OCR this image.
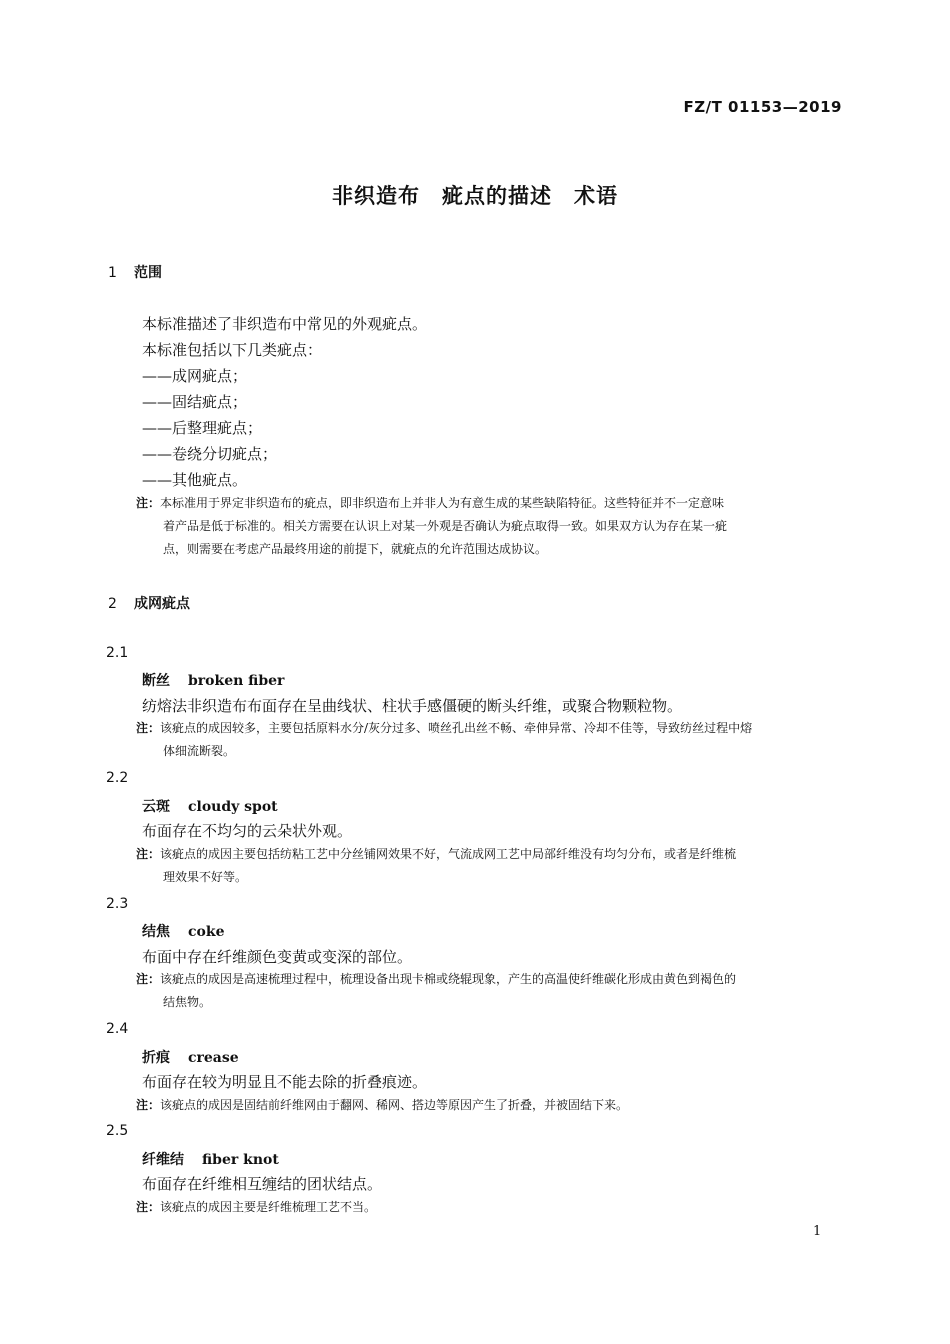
FZ/T 01153—2019
非织造布　疵点的描述　术语
1 范围
本标准描述了非织造布中常见的外观疵点。
本标准包括以下几类疵点：
——成网疵点；
——固结疵点；
——后整理疵点；
——卷绕分切疵点；
——其他疵点。
注：本标准用于界定非织造布的疵点，即非织造布上并非人为有意生成的某些缺陷特征。这些特征并不一定意味
着产品是低于标准的。相关方需要在认识上对某一外观是否确认为疵点取得一致。如果双方认为存在某一疵
点，则需要在考虑产品最终用途的前提下，就疵点的允许范围达成协议。
2 成网疵点
2.1
断丝 broken fiber
纺熔法非织造布布面存在呈曲线状、柱状手感僵硬的断头纤维，或聚合物颗粒物。
注：该疵点的成因较多，主要包括原料水分/灰分过多、喷丝孔出丝不畅、牵伸异常、冷却不佳等，导致纺丝过程中熔
体细流断裂。
2.2
云斑 cloudy spot
布面存在不均匀的云朵状外观。
注：该疵点的成因主要包括纺粘工艺中分丝铺网效果不好，气流成网工艺中局部纤维没有均匀分布，或者是纤维梳
理效果不好等。
2.3
结焦 coke
布面中存在纤维颜色变黄或变深的部位。
注：该疵点的成因是高速梳理过程中，梳理设备出现卡棉或绕辊现象，产生的高温使纤维碳化形成由黄色到褐色的
结焦物。
2.4
折痕 crease
布面存在较为明显且不能去除的折叠痕迹。
注：该疵点的成因是固结前纤维网由于翻网、稀网、搭边等原因产生了折叠，并被固结下来。
2.5
纤维结 fiber knot
布面存在纤维相互缠结的团状结点。
注：该疵点的成因主要是纤维梳理工艺不当。
1
